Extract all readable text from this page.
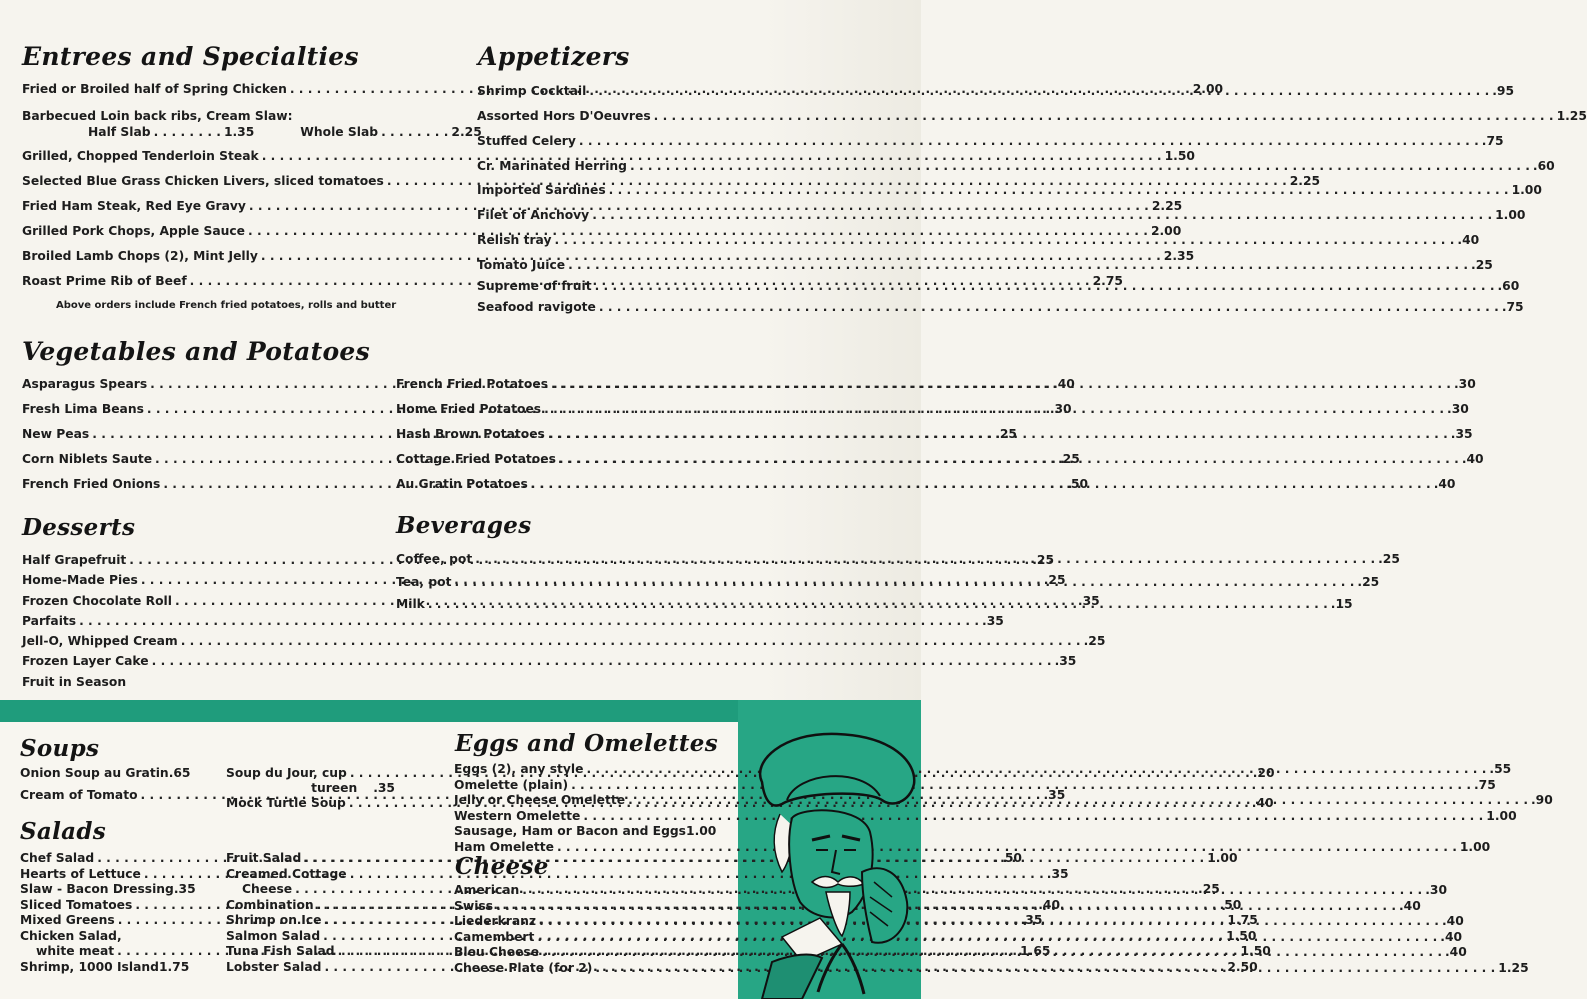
Entrees and Specialties
Fried or Broiled half of Spring Chicken . . .	2.00
Barbecued Loin back ribs, Cream Slaw:
Half Slab . . . . . . . . 1.35	Whole Slab . . . . . . . . 2.25
Grilled, Chopped Tenderloin Steak . . .	1.50
Selected Blue Grass Chicken Livers, sliced tomatoes . . .	2.25
Fried Ham Steak, Red Eye Gravy . . .	2.25
Grilled Pork Chops, Apple Sauce . . .	2.00
Broiled Lamb Chops (2), Mint Jelly . . .	2.35
Roast Prime Rib of Beef . . .	2.75
Above orders include French fried potatoes, rolls and butter
Appetizers
Shrimp Cocktail . . .	.95
Assorted Hors D'Oeuvres . . .	1.25
Stuffed Celery . . .	.75
Cr. Marinated Herring . . .	.60
Imported Sardines . . .	1.00
Filet of Anchovy . . .	1.00
Relish tray . . .	.40
Tomato Juice . . .	.25
Supreme of fruit . . .	.60
Seafood ravigote . . .	.75
Vegetables and Potatoes
Asparagus Spears . . .	.40
Fresh Lima Beans . . .	.30
New Peas . . .	.25
Corn Niblets Saute . . .	.25
French Fried Onions . . .	.50
French Fried Potatoes . . .	.30
Home Fried Potatoes . . .	.30
Hash Brown Potatoes . . .	.35
Cottage Fried Potatoes . . .	.40
Au Gratin Potatoes . . .	.40
Desserts
Half Grapefruit . . .	.25
Home-Made Pies . . .	.25
Frozen Chocolate Roll . . .	.35
Parfaits . . .	.35
Jell-O, Whipped Cream . . .	.25
Frozen Layer Cake . . .	.35
Fruit in Season
Beverages
Coffee, pot . . .	.25
Tea, pot . . .	.25
Milk . . .	.15
Soups
Onion Soup au Gratin .65
Cream of Tomato . . .	.35
Soup du Jour, cup . . .	.20
tureen .35
Mock Turtle Soup . . .	.40
Salads
Chef Salad . . .	.50
Hearts of Lettuce . . .	.35
Slaw - Bacon Dressing .35
Sliced Tomatoes . . .	.40
Mixed Greens . . .	.35
Chicken Salad,
white meat . . .	1.65
Shrimp, 1000 Island 1.75
Fruit Salad . . .	1.00
Creamed Cottage
Cheese . . .	.25
Combination . . .	.50
Shrimp on Ice . . .	1.75
Salmon Salad . . .	1.50
Tuna Fish Salad . . .	1.50
Lobster Salad . . .	2.50
Eggs and Omelettes
Eggs (2), any style . . .	.55
Omelette (plain) . . .	.75
Jelly or Cheese Omelette . . .	.90
Western Omelette . . .	1.00
Sausage, Ham or Bacon and Eggs 1.00
Ham Omelette . . .	1.00
Cheese
American . . .	.30
Swiss . . .	.40
Liederkranz . . .	.40
Camembert . . .	.40
Bleu Cheese . . .	.40
Cheese Plate (for 2) . . .	1.25
